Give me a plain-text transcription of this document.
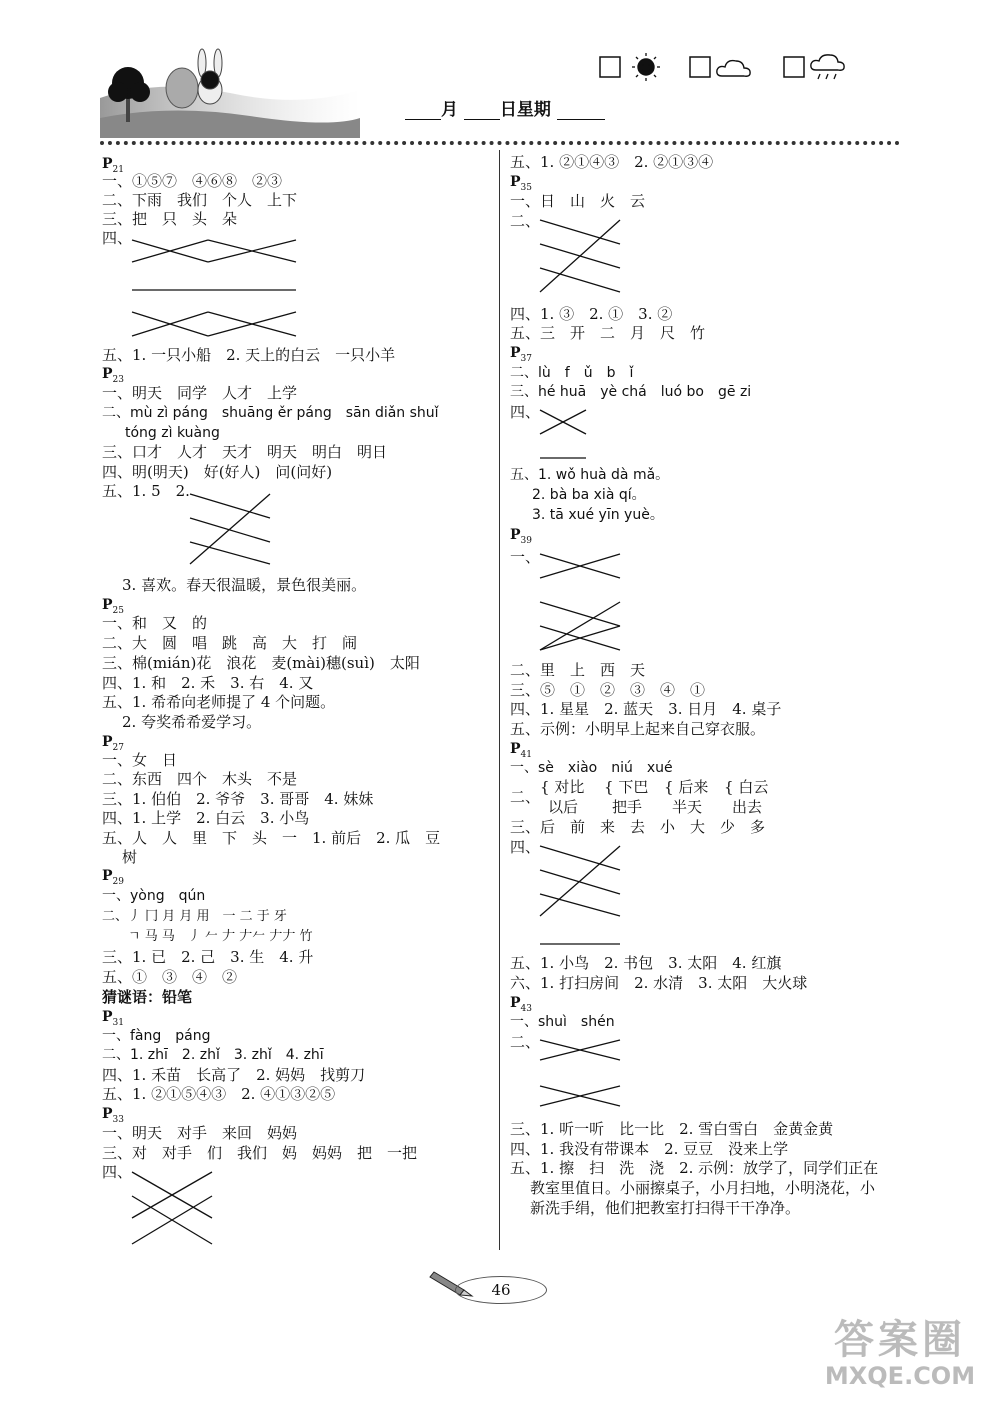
月 日星期
$P_{21}$
一、①⑤⑦　④⑥⑧　②③
二、下雨　我们　个人　上下
三、把　只　头　朵
四、
五、1. 一只小船　2. 天上的白云　一只小羊
$P_{23}$
一、明天　同学　人才　上学
二、mù zì páng　shuāng ěr páng　sān diǎn shuǐ
tóng zì kuàng
三、口才　人才　天才　明天　明白　明日
四、明(明天)　好(好人)　问(问好)
五、1. 5　2.
3. 喜欢。春天很温暖，景色很美丽。
$P_{25}$
一、和　又　的
二、大　圆　唱　跳　高　大　打　闹
三、棉(mián)花　浪花　麦(mài)穗(suì)　太阳
四、1. 和　2. 禾　3. 右　4. 又
五、1. 希希向老师提了 4 个问题。
2. 夸奖希希爱学习。
$P_{27}$
一、女　日
二、东西　四个　木头　不是
三、1. 伯伯　2. 爷爷　3. 哥哥　4. 妹妹
四、1. 上学　2. 白云　3. 小鸟
五、人　人　里　下　头　一　1. 前后　2. 瓜　豆
树
$P_{29}$
一、yòng　qún
二、丿 冂 月 月 用　一 二 于 牙
ㄱ 马 马　丿 𠂉 𠂇 𠂇𠂉 𠂇𠂇 竹
三、1. 已　2. 己　3. 生　4. 升
五、①　③　④　②
猜谜语：铅笔
$P_{31}$
一、fàng　páng
二、1. zhī　2. zhǐ　3. zhǐ　4. zhī
四、1. 禾苗　长高了　2. 妈妈　找剪刀
五、1. ②①⑤④③　2. ④①③②⑤
$P_{33}$
一、明天　对手　来回　妈妈
三、对　对手　们　我们　妈　妈妈　把　一把
四、
五、1. ②①④③　2. ②①③④
$P_{35}$
一、日　山　火　云
二、
四、1. ③　2. ①　3. ②
五、三　开　二　月　尺　竹
$P_{37}$
二、lù　f　ǔ　b　ǐ
三、hé huā　yè chá　luó bo　gē zi
四、
五、1. wǒ huà dà mǎ。
2. bà ba xià qí。
3. tā xué yīn yuè。
$P_{39}$
一、
二、里　上　西　天
三、⑤　①　②　③　④　①
四、1. 星星　2. 蓝天　3. 日月　4. 桌子
五、示例：小明早上起来自己穿衣服。
$P_{41}$
一、sè　xiào　niú　xué
二、
{ 对比
以后
{ 下巴
把手
{ 后来
半天
{ 白云
出去
三、后　前　来　去　小　大　少　多
四、
五、1. 小鸟　2. 书包　3. 太阳　4. 红旗
六、1. 打扫房间　2. 水清　3. 太阳　大火球
$P_{43}$
一、shuì　shén
二、
三、1. 听一听　比一比　2. 雪白雪白　金黄金黄
四、1. 我没有带课本　2. 豆豆　没来上学
五、1. 擦　扫　洗　浇　2. 示例：放学了，同学们正在
教室里值日。小丽擦桌子，小月扫地，小明浇花，小
新洗手绢，他们把教室打扫得干干净净。
46
答案圈
MXQE.COM
